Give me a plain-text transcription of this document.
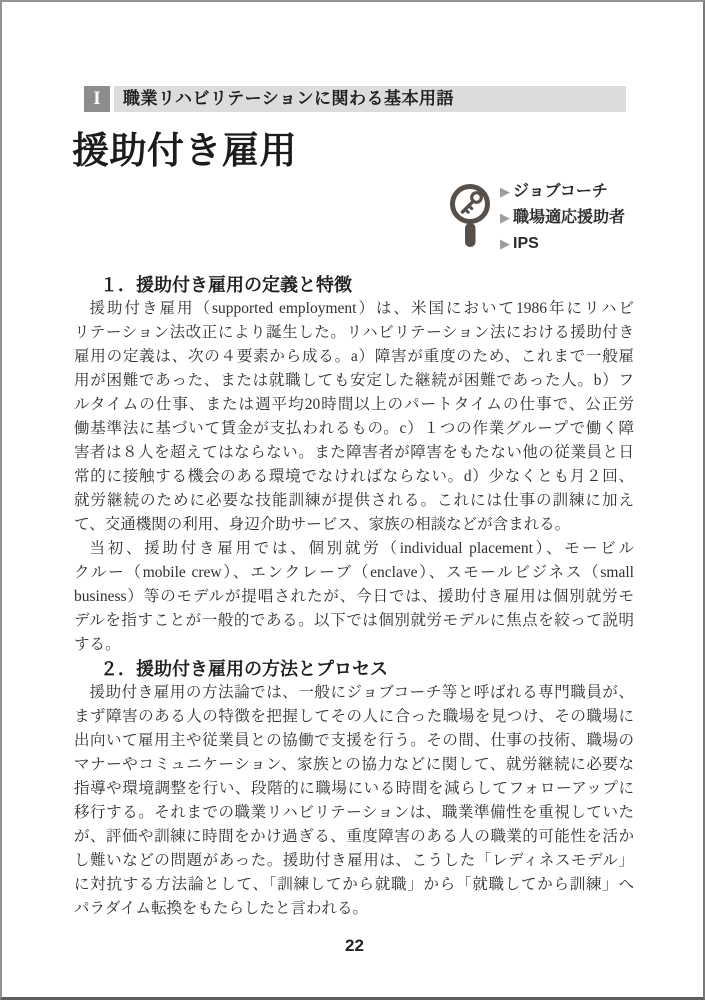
I	職業リハビリテーションに関わる基本用語
援助付き雇用
▶ ジョブコーチ
▶ 職場適応援助者
▶ IPS
１．援助付き雇用の定義と特徴
援助付き雇用（supported employment）は、米国において1986年にリハビ
リテーション法改正により誕生した。リハビリテーション法における援助付き
雇用の定義は、次の４要素から成る。a）障害が重度のため、これまで一般雇
用が困難であった、または就職しても安定した継続が困難であった人。b）フ
ルタイムの仕事、または週平均20時間以上のパートタイムの仕事で、公正労
働基準法に基づいて賃金が支払われるもの。c）１つの作業グループで働く障
害者は８人を超えてはならない。また障害者が障害をもたない他の従業員と日
常的に接触する機会のある環境でなければならない。d）少なくとも月２回、
就労継続のために必要な技能訓練が提供される。これには仕事の訓練に加え
て、交通機関の利用、身辺介助サービス、家族の相談などが含まれる。
当初、援助付き雇用では、個別就労（individual placement）、モービル
クルー（mobile crew）、エンクレーブ（enclave）、スモールビジネス（small
business）等のモデルが提唱されたが、今日では、援助付き雇用は個別就労モ
デルを指すことが一般的である。以下では個別就労モデルに焦点を絞って説明
する。
２．援助付き雇用の方法とプロセス
援助付き雇用の方法論では、一般にジョブコーチ等と呼ばれる専門職員が、
まず障害のある人の特徴を把握してその人に合った職場を見つけ、その職場に
出向いて雇用主や従業員との協働で支援を行う。その間、仕事の技術、職場の
マナーやコミュニケーション、家族との協力などに関して、就労継続に必要な
指導や環境調整を行い、段階的に職場にいる時間を減らしてフォローアップに
移行する。それまでの職業リハビリテーションは、職業準備性を重視していた
が、評価や訓練に時間をかけ過ぎる、重度障害のある人の職業的可能性を活か
し難いなどの問題があった。援助付き雇用は、こうした「レディネスモデル」
に対抗する方法論として、「訓練してから就職」から「就職してから訓練」へ
パラダイム転換をもたらしたと言われる。
22
